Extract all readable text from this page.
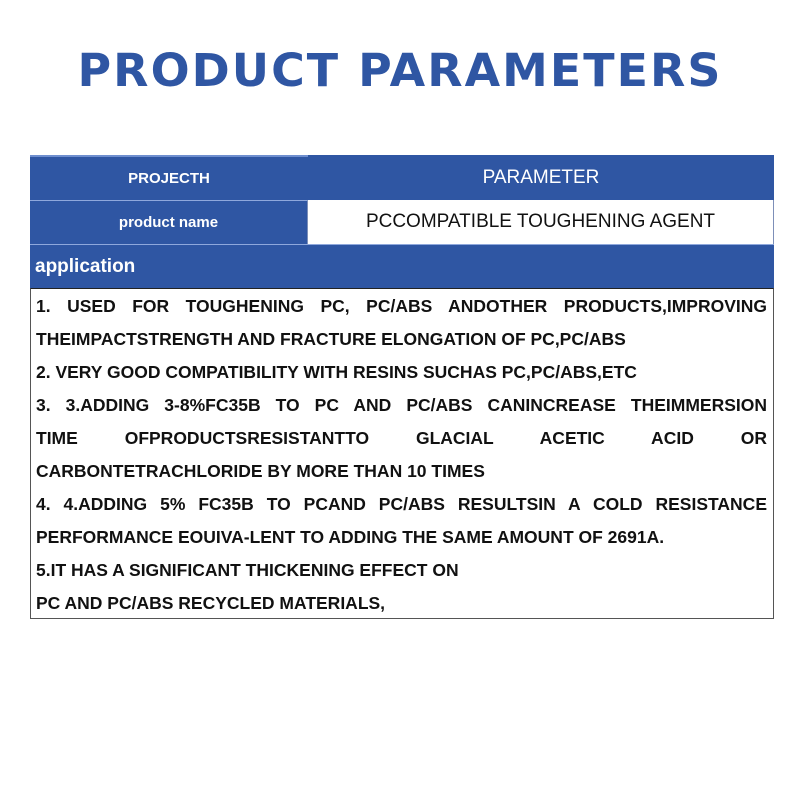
PRODUCT PARAMETERS
PROJECTH	PARAMETER
product name	PCCOMPATIBLE TOUGHENING AGENT
application
1. USED FOR TOUGHENING PC, PC/ABS ANDOTHER PRODUCTS,IMPROVING
THEIMPACTSTRENGTH AND FRACTURE ELONGATION OF PC,PC/ABS
2. VERY GOOD COMPATIBILITY WITH RESINS SUCHAS PC,PC/ABS,ETC
3. 3.ADDING 3-8%FC35B TO PC AND PC/ABS CANINCREASE THEIMMERSION
TIME OFPRODUCTSRESISTANTTO GLACIAL ACETIC ACID OR
CARBONTETRACHLORIDE BY MORE THAN 10 TIMES
4. 4.ADDING 5% FC35B TO PCAND PC/ABS RESULTSIN A COLD RESISTANCE
PERFORMANCE EOUIVA-LENT TO ADDING THE SAME AMOUNT OF 2691A.
5.IT HAS A SIGNIFICANT THICKENING EFFECT ON
PC AND PC/ABS RECYCLED MATERIALS,
